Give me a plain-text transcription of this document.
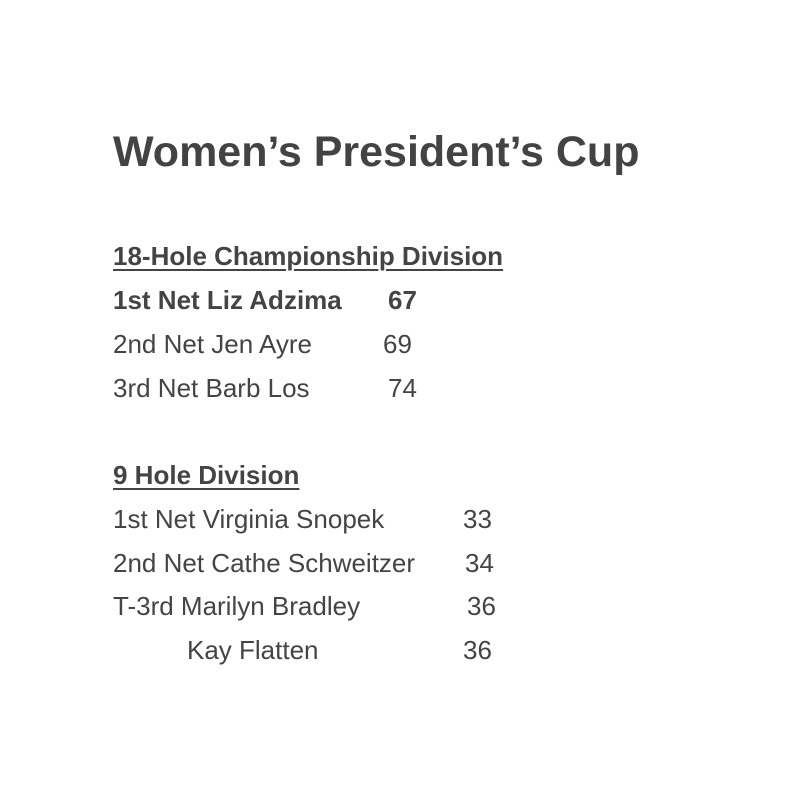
Women’s President’s Cup
18-Hole Championship Division
1st Net Liz Adzima 67
2nd Net Jen Ayre	69
3rd Net Barb Los	74
9 Hole Division
1st Net Virginia Snopek	33
2nd Net Cathe Schweitzer 34
T-3rd Marilyn Bradley	36
Kay Flatten	36
